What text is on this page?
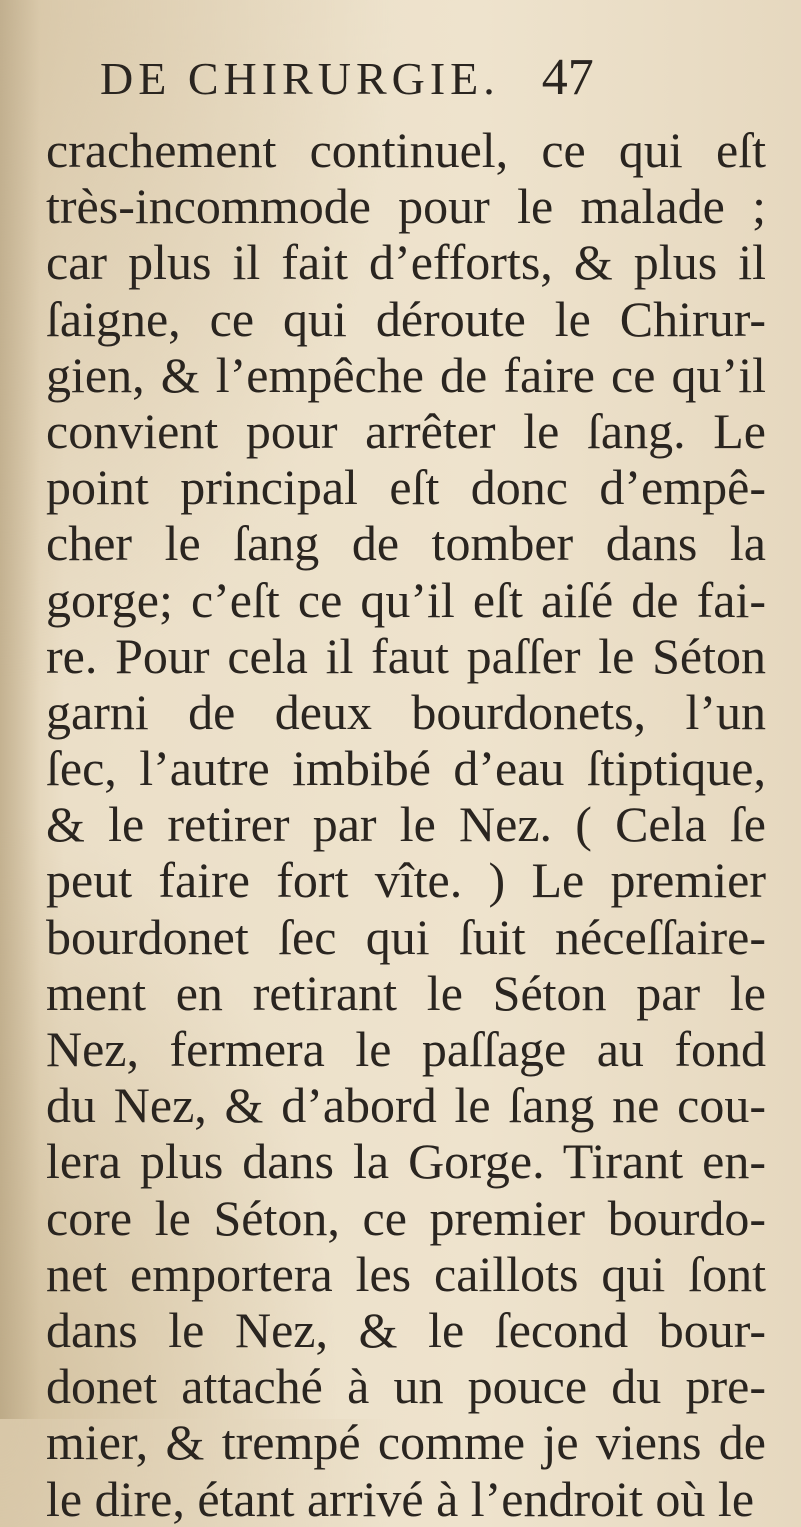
DE CHIRURGIE. 47
crachement continuel, ce qui eſt
très-incommode pour le malade ;
car plus il fait d’efforts, & plus il
ſaigne, ce qui déroute le Chirur-
gien, & l’empêche de faire ce qu’il
convient pour arrêter le ſang. Le
point principal eſt donc d’empê-
cher le ſang de tomber dans la
gorge; c’eſt ce qu’il eſt aiſé de fai-
re. Pour cela il faut paſſer le Séton
garni de deux bourdonets, l’un
ſec, l’autre imbibé d’eau ſtiptique,
& le retirer par le Nez. ( Cela ſe
peut faire fort vîte. ) Le premier
bourdonet ſec qui ſuit néceſſaire-
ment en retirant le Séton par le
Nez, fermera le paſſage au fond
du Nez, & d’abord le ſang ne cou-
lera plus dans la Gorge. Tirant en-
core le Séton, ce premier bourdo-
net emportera les caillots qui ſont
dans le Nez, & le ſecond bour-
donet attaché à un pouce du pre-
mier, & trempé comme je viens de
le dire, étant arrivé à l’endroit où le
